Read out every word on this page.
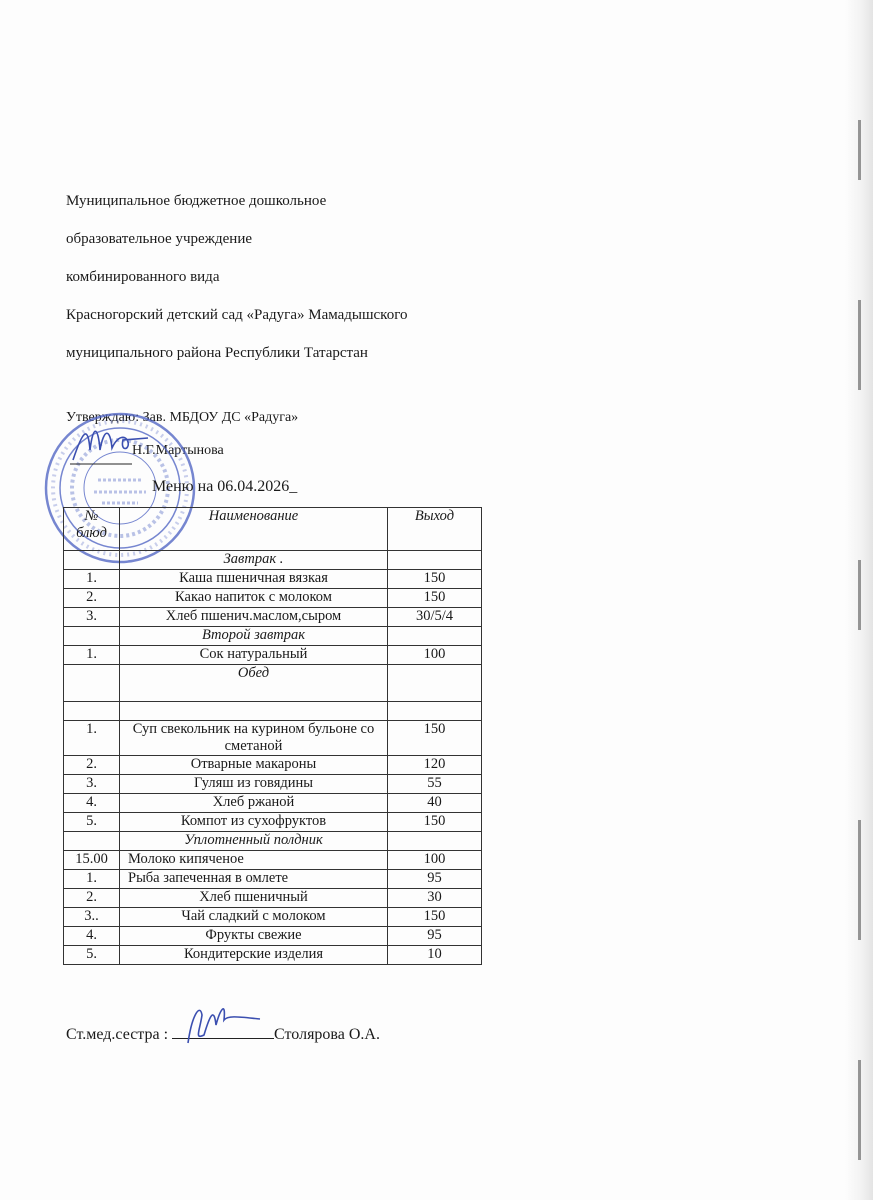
Муниципальное бюджетное дошкольное
образовательное учреждение
комбинированного вида
Красногорский детский сад «Радуга» Мамадышского
муниципального района Республики Татарстан
Утверждаю: Зав. МБДОУ ДС «Радуга»
Н.Г.Мартынова
Меню на 06.04.2026_
№ блюд	Наименование	Выход
	Завтрак .	
1.	Каша пшеничная вязкая	150
2.	Какао напиток с молоком	150
3.	Хлеб пшенич.маслом,сыром	30/5/4
	Второй завтрак	
1.	Сок натуральный	100
	Обед	

1.	Суп свекольник на курином бульоне со сметаной	150
2.	Отварные макароны	120
3.	Гуляш из говядины	55
4.	Хлеб ржаной	40
5.	Компот из сухофруктов	150
	Уплотненный полдник	
15.00	Молоко кипяченое	100
1.	Рыба запеченная в омлете	95
2.	Хлеб пшеничный	30
3..	Чай сладкий с молоком	150
4.	Фрукты свежие	95
5.	Кондитерские изделия	10
Ст.мед.сестра :	Столярова О.А.
